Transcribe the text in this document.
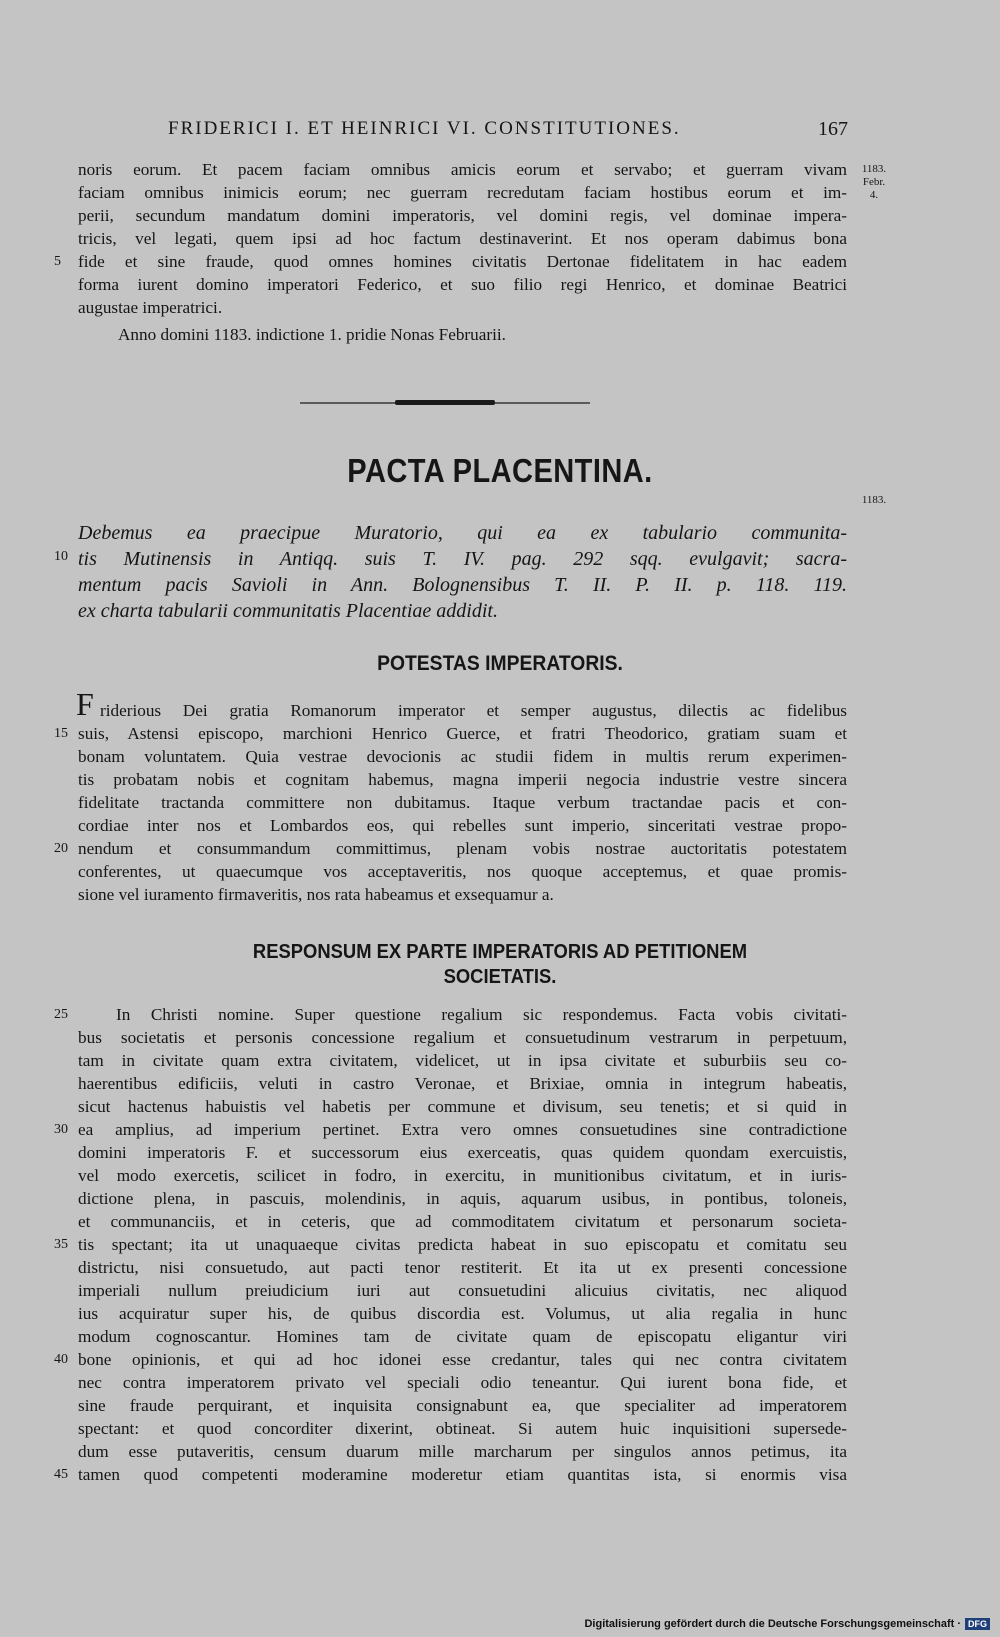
FRIDERICI I. ET HEINRICI VI. CONSTITUTIONES.	167
1183.
Febr.
4.
1183.
noris eorum. Et pacem faciam omnibus amicis eorum et servabo; et guerram vivam
faciam omnibus inimicis eorum; nec guerram recredutam faciam hostibus eorum et im-
perii, secundum mandatum domini imperatoris, vel domini regis, vel dominae impera-
tricis, vel legati, quem ipsi ad hoc factum destinaverint. Et nos operam dabimus bona
5 fide et sine fraude, quod omnes homines civitatis Dertonae fidelitatem in hac eadem
forma iurent domino imperatori Federico, et suo filio regi Henrico, et dominae Beatrici
augustae imperatrici.
Anno domini 1183. indictione 1. pridie Nonas Februarii.
PACTA PLACENTINA.
Debemus ea praecipue Muratorio, qui ea ex tabulario communita-
10 tis Mutinensis in Antiqq. suis T. IV. pag. 292 sqq. evulgavit; sacra-
mentum pacis Savioli in Ann. Bolognensibus T. II. P. II. p. 118. 119.
ex charta tabularii communitatis Placentiae addidit.
POTESTAS IMPERATORIS.
F riderious Dei gratia Romanorum imperator et semper augustus, dilectis ac fidelibus
15 suis, Astensi episcopo, marchioni Henrico Guerce, et fratri Theodorico, gratiam suam et
bonam voluntatem. Quia vestrae devocionis ac studii fidem in multis rerum experimen-
tis probatam nobis et cognitam habemus, magna imperii negocia industrie vestre sincera
fidelitate tractanda committere non dubitamus. Itaque verbum tractandae pacis et con-
cordiae inter nos et Lombardos eos, qui rebelles sunt imperio, sinceritati vestrae propo-
20 nendum et consummandum committimus, plenam vobis nostrae auctoritatis potestatem
conferentes, ut quaecumque vos acceptaveritis, nos quoque acceptemus, et quae promis-
sione vel iuramento firmaveritis, nos rata habeamus et exsequamur a.
RESPONSUM EX PARTE IMPERATORIS AD PETITIONEM
SOCIETATIS.
25	In Christi nomine. Super questione regalium sic respondemus. Facta vobis civitati-
bus societatis et personis concessione regalium et consuetudinum vestrarum in perpetuum,
tam in civitate quam extra civitatem, videlicet, ut in ipsa civitate et suburbiis seu co-
haerentibus edificiis, veluti in castro Veronae, et Brixiae, omnia in integrum habeatis,
sicut hactenus habuistis vel habetis per commune et divisum, seu tenetis; et si quid in
30 ea amplius, ad imperium pertinet. Extra vero omnes consuetudines sine contradictione
domini imperatoris F. et successorum eius exerceatis, quas quidem quondam exercuistis,
vel modo exercetis, scilicet in fodro, in exercitu, in munitionibus civitatum, et in iuris-
dictione plena, in pascuis, molendinis, in aquis, aquarum usibus, in pontibus, toloneis,
et communanciis, et in ceteris, que ad commoditatem civitatum et personarum societa-
35 tis spectant; ita ut unaquaeque civitas predicta habeat in suo episcopatu et comitatu seu
districtu, nisi consuetudo, aut pacti tenor restiterit. Et ita ut ex presenti concessione
imperiali nullum preiudicium iuri aut consuetudini alicuius civitatis, nec aliquod
ius acquiratur super his, de quibus discordia est. Volumus, ut alia regalia in hunc
modum cognoscantur. Homines tam de civitate quam de episcopatu eligantur viri
40 bone opinionis, et qui ad hoc idonei esse credantur, tales qui nec contra civitatem
nec contra imperatorem privato vel speciali odio teneantur. Qui iurent bona fide, et
sine fraude perquirant, et inquisita consignabunt ea, que specialiter ad imperatorem
spectant: et quod concorditer dixerint, obtineat. Si autem huic inquisitioni supersede-
dum esse putaveritis, censum duarum mille marcharum per singulos annos petimus, ita
45 tamen quod competenti moderamine moderetur etiam quantitas ista, si enormis visa
Digitalisierung gefördert durch die Deutsche Forschungsgemeinschaft · DFG
